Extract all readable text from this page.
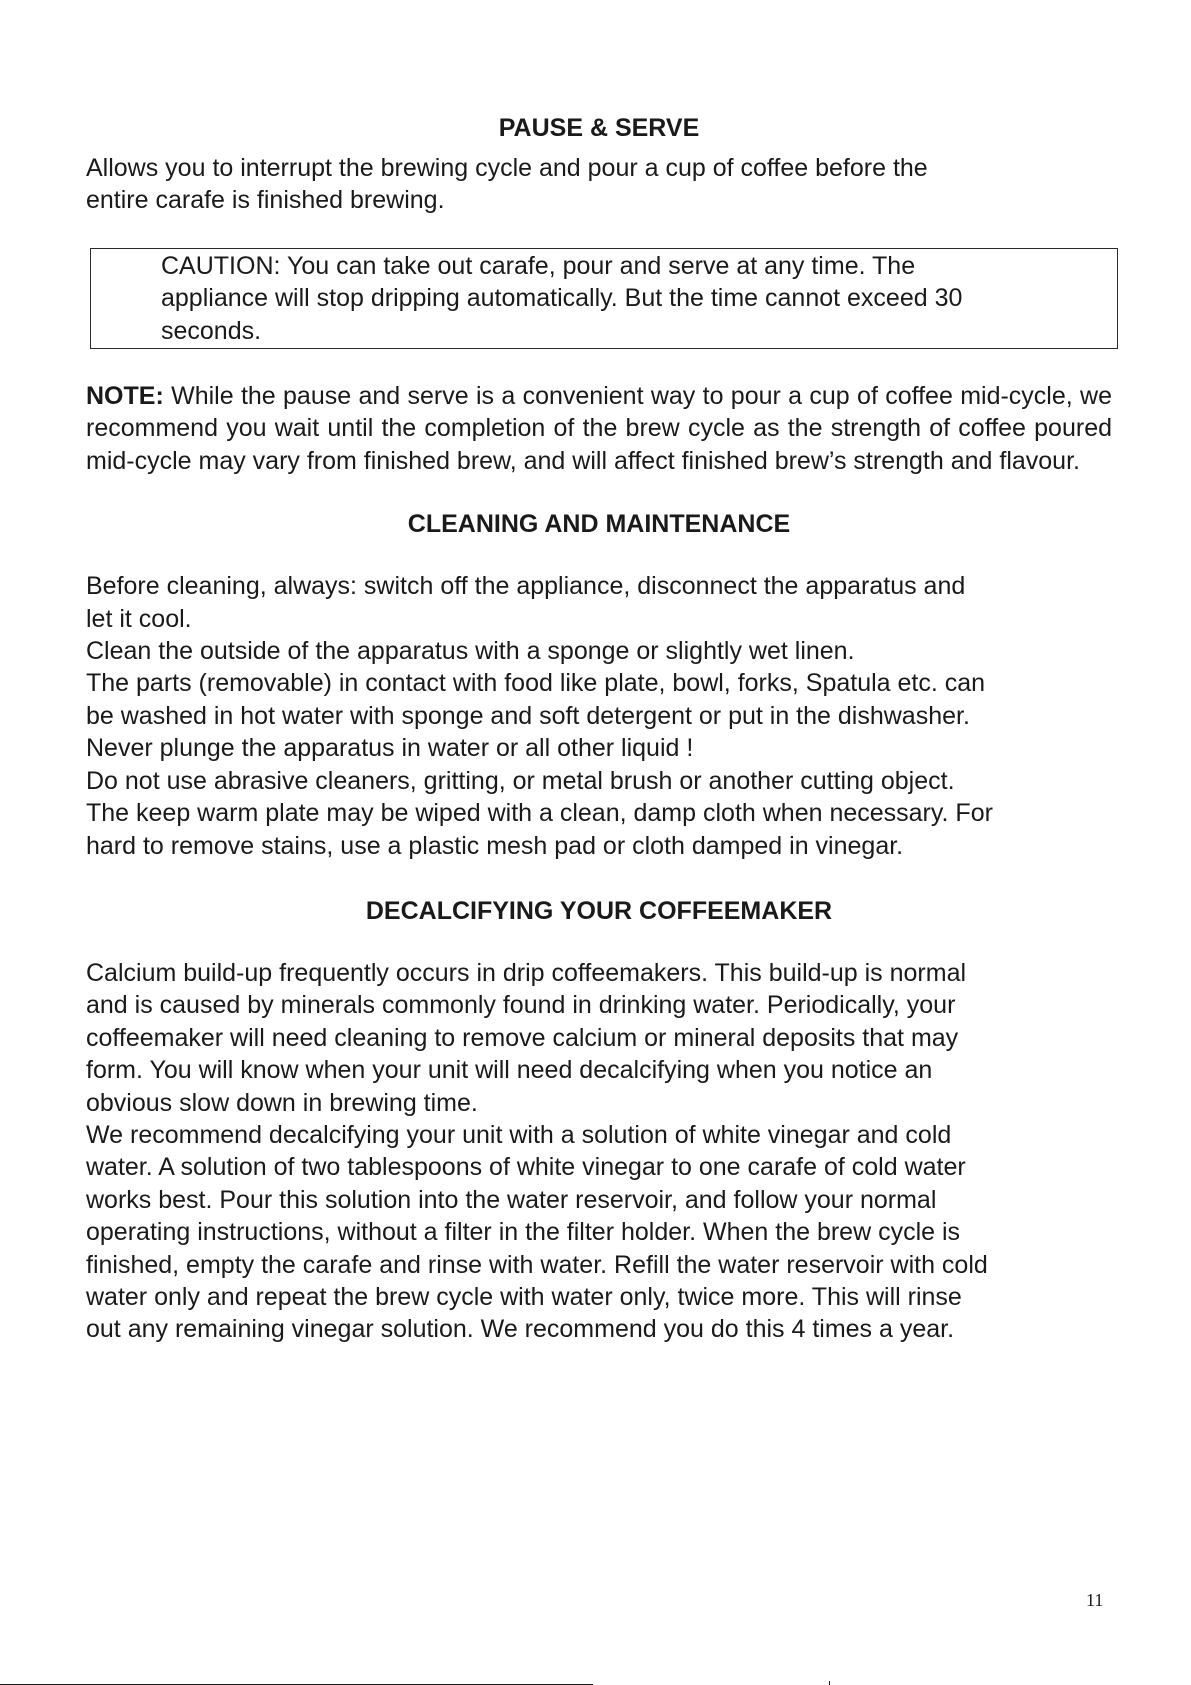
PAUSE & SERVE

Allows you to interrupt the brewing cycle and pour a cup of coffee before the
entire carafe is finished brewing.

CAUTION: You can take out carafe, pour and serve at any time. The
appliance will stop dripping automatically. But the time cannot exceed 30
seconds.

NOTE: While the pause and serve is a convenient way to pour a cup of coffee mid-cycle, we recommend you wait until the completion of the brew cycle as the strength of coffee poured mid-cycle may vary from finished brew, and will affect finished brew’s strength and flavour.

CLEANING AND MAINTENANCE

Before cleaning, always: switch off the appliance, disconnect the apparatus and
let it cool.
Clean the outside of the apparatus with a sponge or slightly wet linen.
The parts (removable) in contact with food like plate, bowl, forks, Spatula etc. can
be washed in hot water with sponge and soft detergent or put in the dishwasher.
Never plunge the apparatus in water or all other liquid !
Do not use abrasive cleaners, gritting, or metal brush or another cutting object.
The keep warm plate may be wiped with a clean, damp cloth when necessary. For
hard to remove stains, use a plastic mesh pad or cloth damped in vinegar.

DECALCIFYING YOUR COFFEEMAKER

Calcium build-up frequently occurs in drip coffeemakers. This build-up is normal
and is caused by minerals commonly found in drinking water. Periodically, your
coffeemaker will need cleaning to remove calcium or mineral deposits that may
form. You will know when your unit will need decalcifying when you notice an
obvious slow down in brewing time.
We recommend decalcifying your unit with a solution of white vinegar and cold
water. A solution of two tablespoons of white vinegar to one carafe of cold water
works best. Pour this solution into the water reservoir, and follow your normal
operating instructions, without a filter in the filter holder. When the brew cycle is
finished, empty the carafe and rinse with water. Refill the water reservoir with cold
water only and repeat the brew cycle with water only, twice more. This will rinse
out any remaining vinegar solution. We recommend you do this 4 times a year.

11
